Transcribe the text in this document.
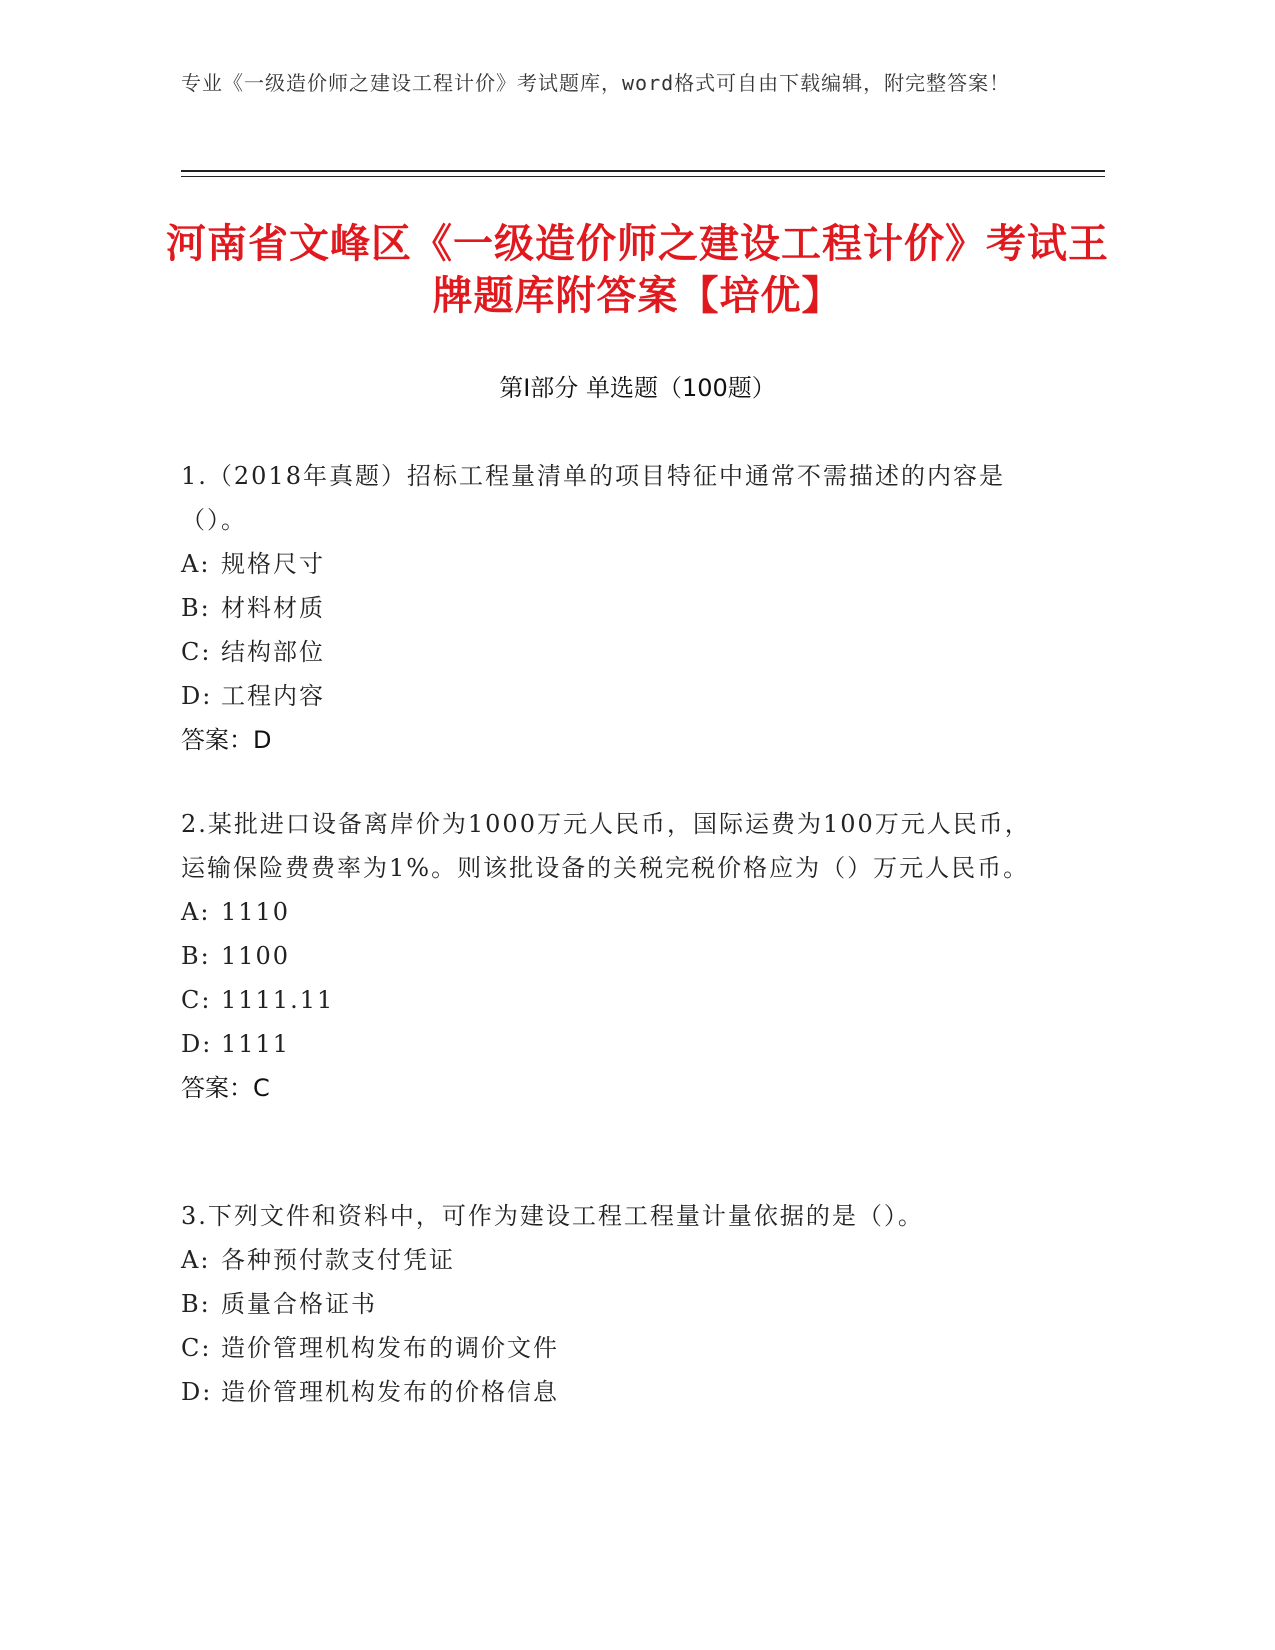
专业《一级造价师之建设工程计价》考试题库，word格式可自由下载编辑，附完整答案！
河南省文峰区《一级造价师之建设工程计价》考试王牌题库附答案【培优】
第Ⅰ部分 单选题（100题）

1.（2018年真题）招标工程量清单的项目特征中通常不需描述的内容是（）。

A: 规格尺寸

B: 材料材质

C: 结构部位

D: 工程内容

答案：D

2.某批进口设备离岸价为1000万元人民币，国际运费为100万元人民币，运输保险费费率为1%。则该批设备的关税完税价格应为（）万元人民币。

A: 1110

B: 1100

C: 1111.11

D: 1111

答案：C

3.下列文件和资料中，可作为建设工程工程量计量依据的是（）。

A: 各种预付款支付凭证

B: 质量合格证书

C: 造价管理机构发布的调价文件

D: 造价管理机构发布的价格信息
